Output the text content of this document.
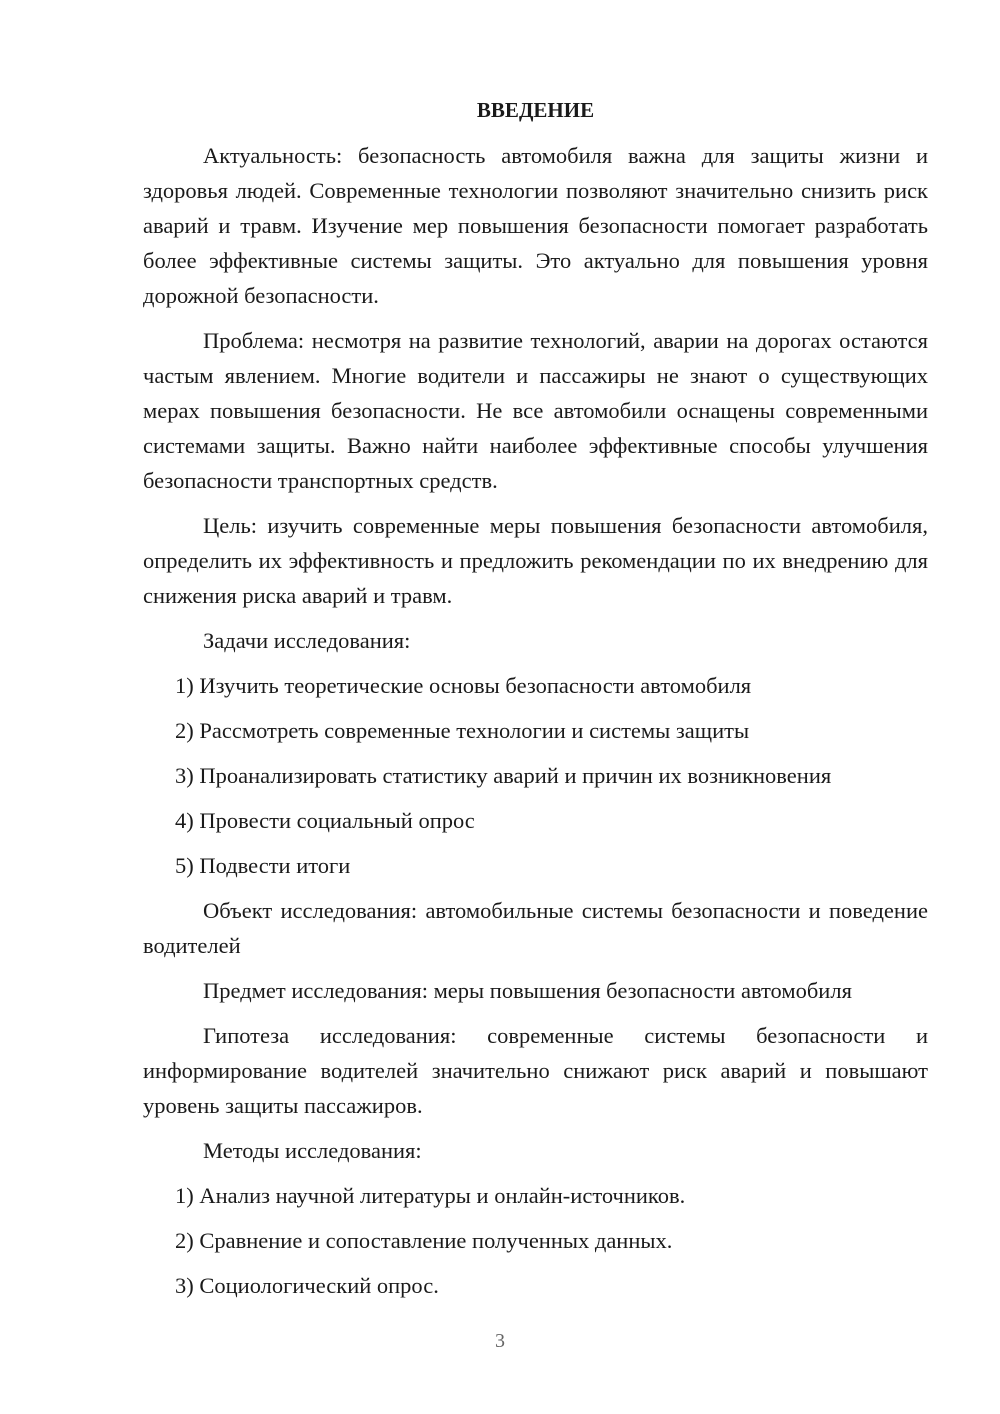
ВВЕДЕНИЕ
Актуальность: безопасность автомобиля важна для защиты жизни и здоровья людей. Современные технологии позволяют значительно снизить риск аварий и травм. Изучение мер повышения безопасности помогает разработать более эффективные системы защиты. Это актуально для повышения уровня дорожной безопасности.
Проблема: несмотря на развитие технологий, аварии на дорогах остаются частым явлением. Многие водители и пассажиры не знают о существующих мерах повышения безопасности. Не все автомобили оснащены современными системами защиты. Важно найти наиболее эффективные способы улучшения безопасности транспортных средств.
Цель: изучить современные меры повышения безопасности автомобиля, определить их эффективность и предложить рекомендации по их внедрению для снижения риска аварий и травм.
Задачи исследования:
1) Изучить теоретические основы безопасности автомобиля
2) Рассмотреть современные технологии и системы защиты
3) Проанализировать статистику аварий и причин их возникновения
4) Провести социальный опрос
5) Подвести итоги
Объект исследования: автомобильные системы безопасности и поведение водителей
Предмет исследования: меры повышения безопасности автомобиля
Гипотеза исследования: современные системы безопасности и информирование водителей значительно снижают риск аварий и повышают уровень защиты пассажиров.
Методы исследования:
1) Анализ научной литературы и онлайн-источников.
2) Сравнение и сопоставление полученных данных.
3) Социологический опрос.
3
